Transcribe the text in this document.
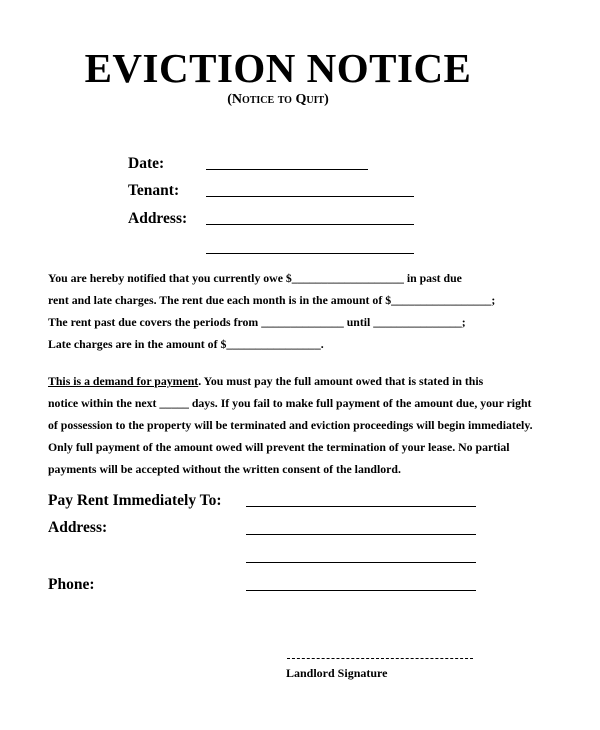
EVICTION NOTICE
(Notice to Quit)
Date:
Tenant:
Address:
You are hereby notified that you currently owe $___________________ in past due
rent and late charges. The rent due each month is in the amount of $_________________;
The rent past due covers the periods from ______________ until _______________;
Late charges are in the amount of $________________.
This is a demand for payment. You must pay the full amount owed that is stated in this
notice within the next _____ days. If you fail to make full payment of the amount due, your right
of possession to the property will be terminated and eviction proceedings will begin immediately.
Only full payment of the amount owed will prevent the termination of your lease. No partial
payments will be accepted without the written consent of the landlord.
Pay Rent Immediately To:
Address:
Phone:
Landlord Signature
